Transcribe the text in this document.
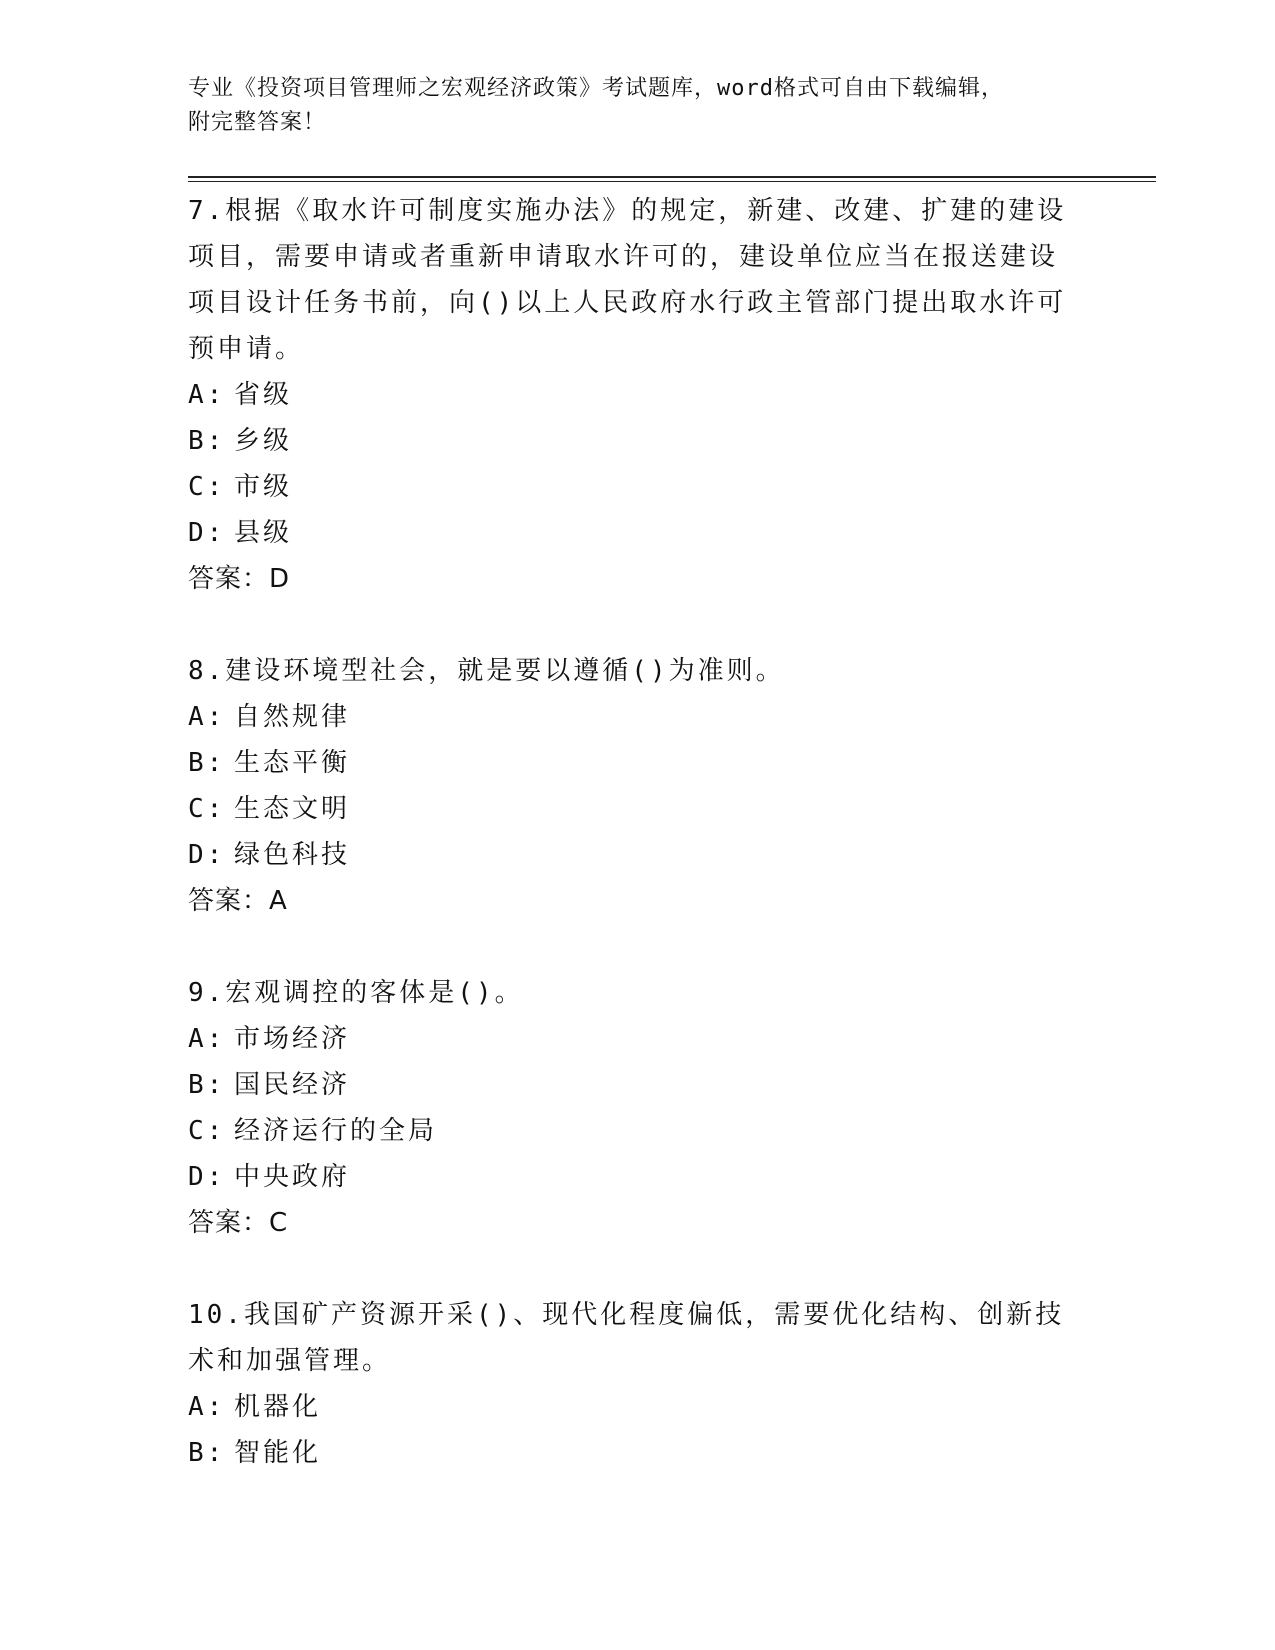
专业《投资项目管理师之宏观经济政策》考试题库，word格式可自由下载编辑，
附完整答案！
7.根据《取水许可制度实施办法》的规定，新建、改建、扩建的建设项目，需要申请或者重新申请取水许可的，建设单位应当在报送建设项目设计任务书前，向()以上人民政府水行政主管部门提出取水许可预申请。
A: 省级
B: 乡级
C: 市级
D: 县级
答案：D
8.建设环境型社会，就是要以遵循()为准则。
A: 自然规律
B: 生态平衡
C: 生态文明
D: 绿色科技
答案：A
9.宏观调控的客体是()。
A: 市场经济
B: 国民经济
C: 经济运行的全局
D: 中央政府
答案：C
10.我国矿产资源开采()、现代化程度偏低，需要优化结构、创新技术和加强管理。
A: 机器化
B: 智能化
